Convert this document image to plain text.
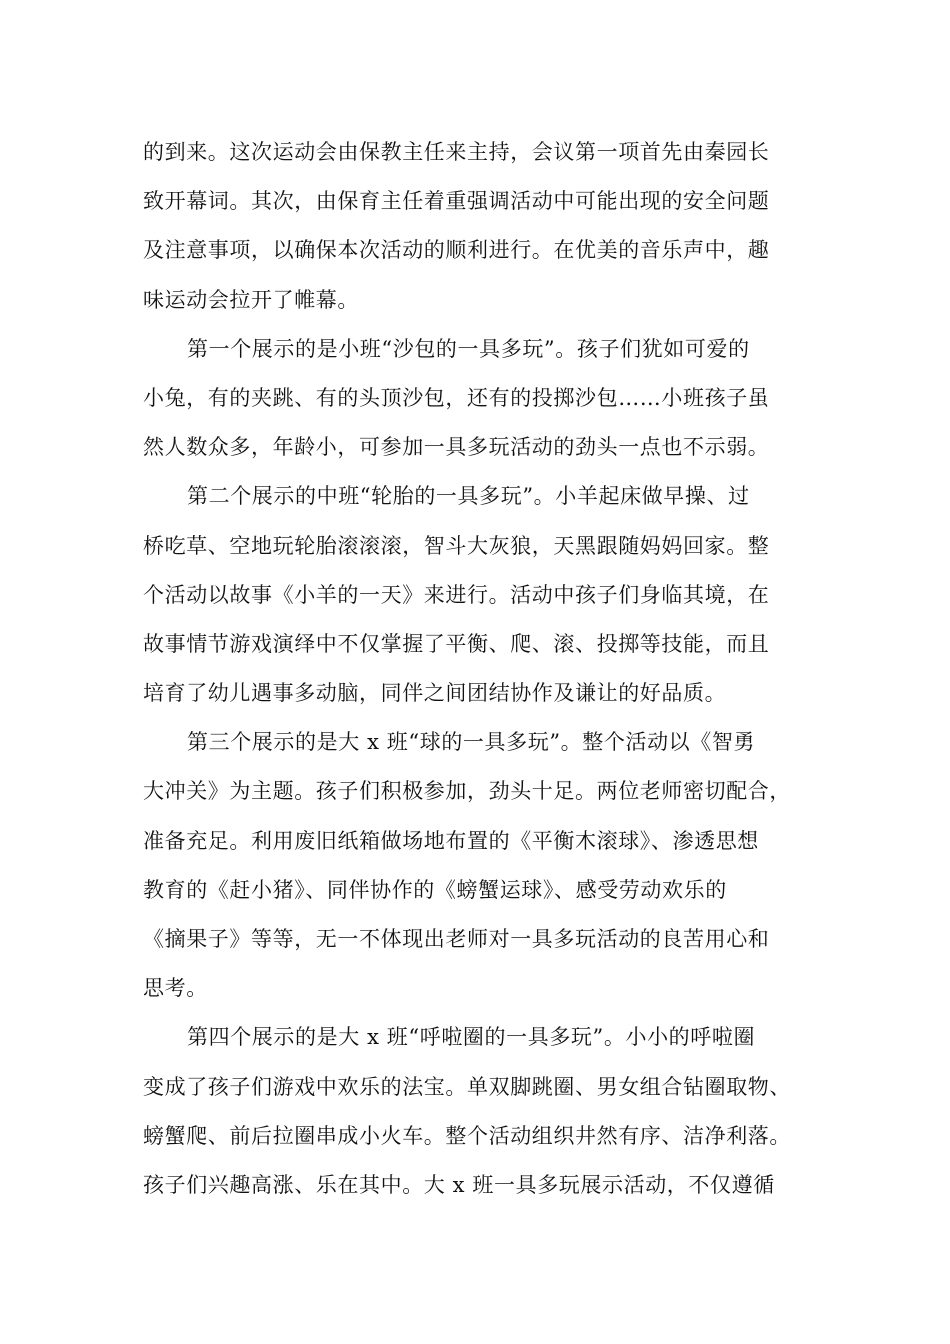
的到来。这次运动会由保教主任来主持，会议第一项首先由秦园长
致开幕词。其次，由保育主任着重强调活动中可能出现的安全问题
及注意事项，以确保本次活动的顺利进行。在优美的音乐声中，趣
味运动会拉开了帷幕。
第一个展示的是小班“沙包的一具多玩”。孩子们犹如可爱的
小兔，有的夹跳、有的头顶沙包，还有的投掷沙包……小班孩子虽
然人数众多，年龄小，可参加一具多玩活动的劲头一点也不示弱。
第二个展示的中班“轮胎的一具多玩”。小羊起床做早操、过
桥吃草、空地玩轮胎滚滚滚，智斗大灰狼，天黑跟随妈妈回家。整
个活动以故事《小羊的一天》来进行。活动中孩子们身临其境，在
故事情节游戏演绎中不仅掌握了平衡、爬、滚、投掷等技能，而且
培育了幼儿遇事多动脑，同伴之间团结协作及谦让的好品质。
第三个展示的是大 x 班“球的一具多玩”。整个活动以《智勇
大冲关》为主题。孩子们积极参加，劲头十足。两位老师密切配合，
准备充足。利用废旧纸箱做场地布置的《平衡木滚球》、渗透思想
教育的《赶小猪》、同伴协作的《螃蟹运球》、感受劳动欢乐的
《摘果子》等等，无一不体现出老师对一具多玩活动的良苦用心和
思考。
第四个展示的是大 x 班“呼啦圈的一具多玩”。小小的呼啦圈
变成了孩子们游戏中欢乐的法宝。单双脚跳圈、男女组合钻圈取物、
螃蟹爬、前后拉圈串成小火车。整个活动组织井然有序、洁净利落。
孩子们兴趣高涨、乐在其中。大 x 班一具多玩展示活动，不仅遵循
